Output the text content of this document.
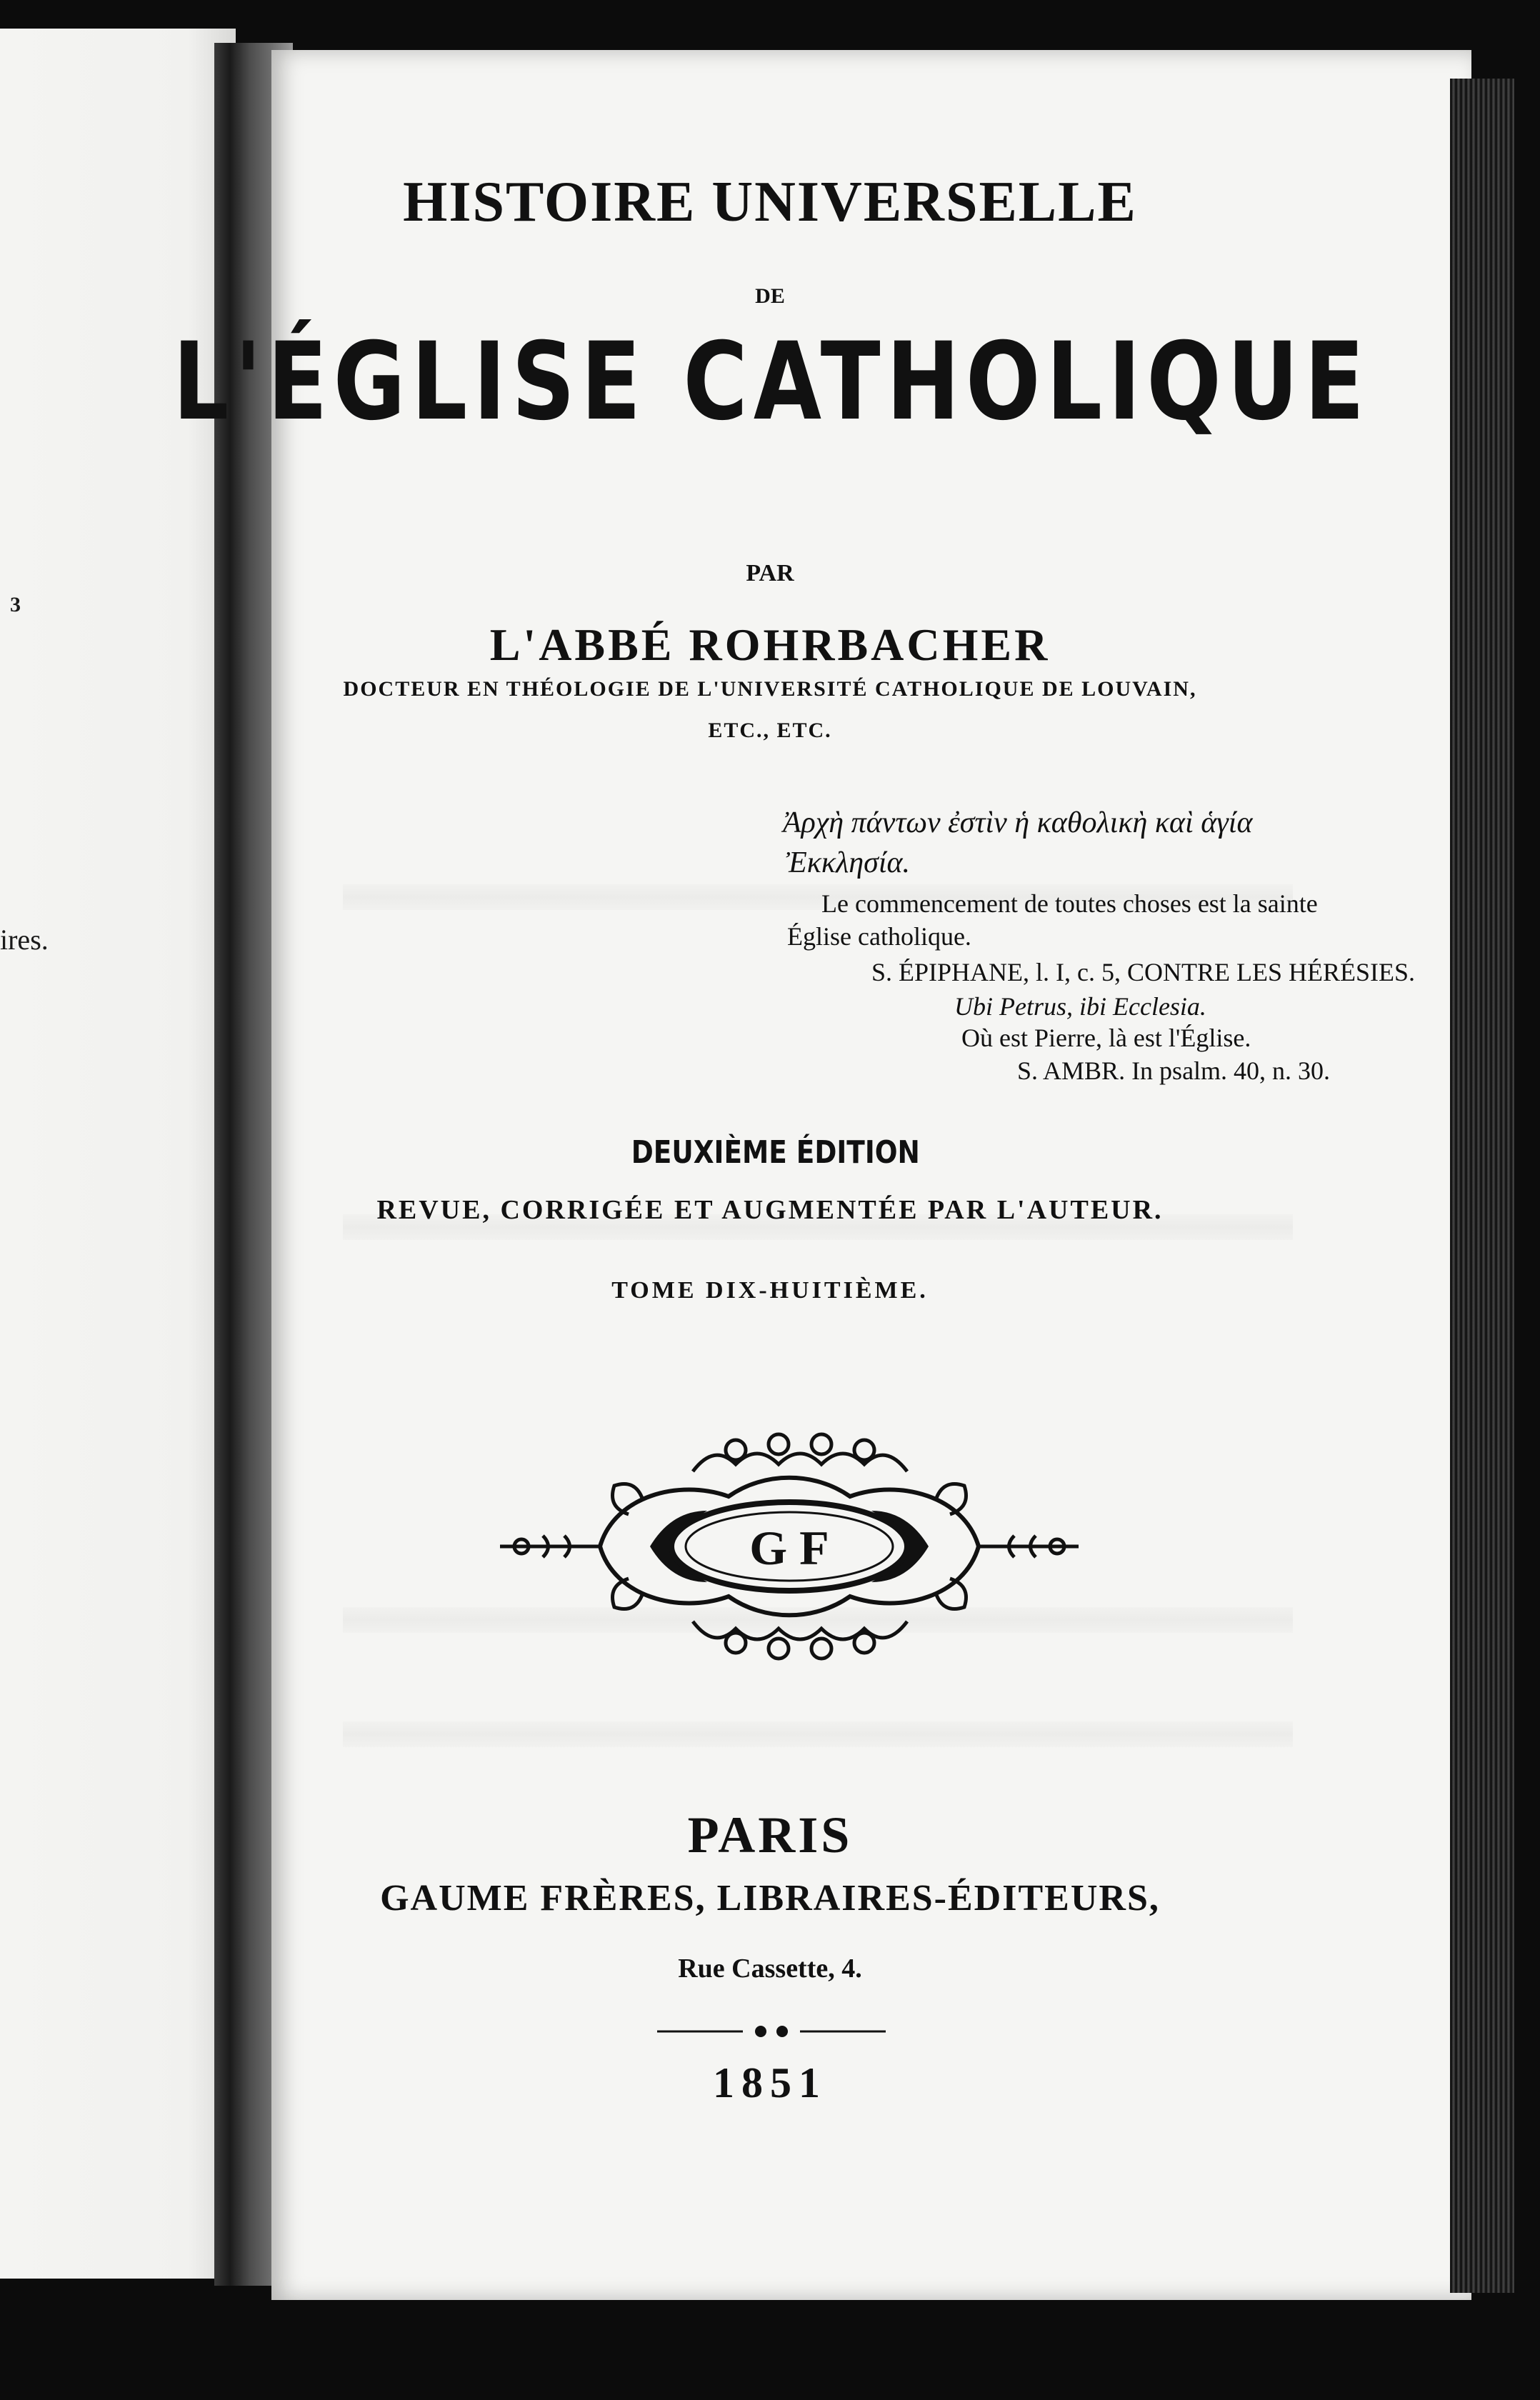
3
ires.
HISTOIRE UNIVERSELLE
DE
L'ÉGLISE CATHOLIQUE
PAR
L'ABBÉ ROHRBACHER
DOCTEUR EN THÉOLOGIE DE L'UNIVERSITÉ CATHOLIQUE DE LOUVAIN,
ETC., ETC.
Ἀρχὴ πάντων ἐστὶν ἡ καθολικὴ καὶ ἁγία
Ἐκκλησία.
Le commencement de toutes choses est la sainte
Église catholique.
S. ÉPIPHANE, l. I, c. 5, CONTRE LES HÉRÉSIES.
Ubi Petrus, ibi Ecclesia.
Où est Pierre, là est l'Église.
S. AMBR. In psalm. 40, n. 30.
DEUXIÈME ÉDITION
REVUE, CORRIGÉE ET AUGMENTÉE PAR L'AUTEUR.
TOME DIX-HUITIÈME.
G F
PARIS
GAUME FRÈRES, LIBRAIRES-ÉDITEURS,
Rue Cassette, 4.
1851
